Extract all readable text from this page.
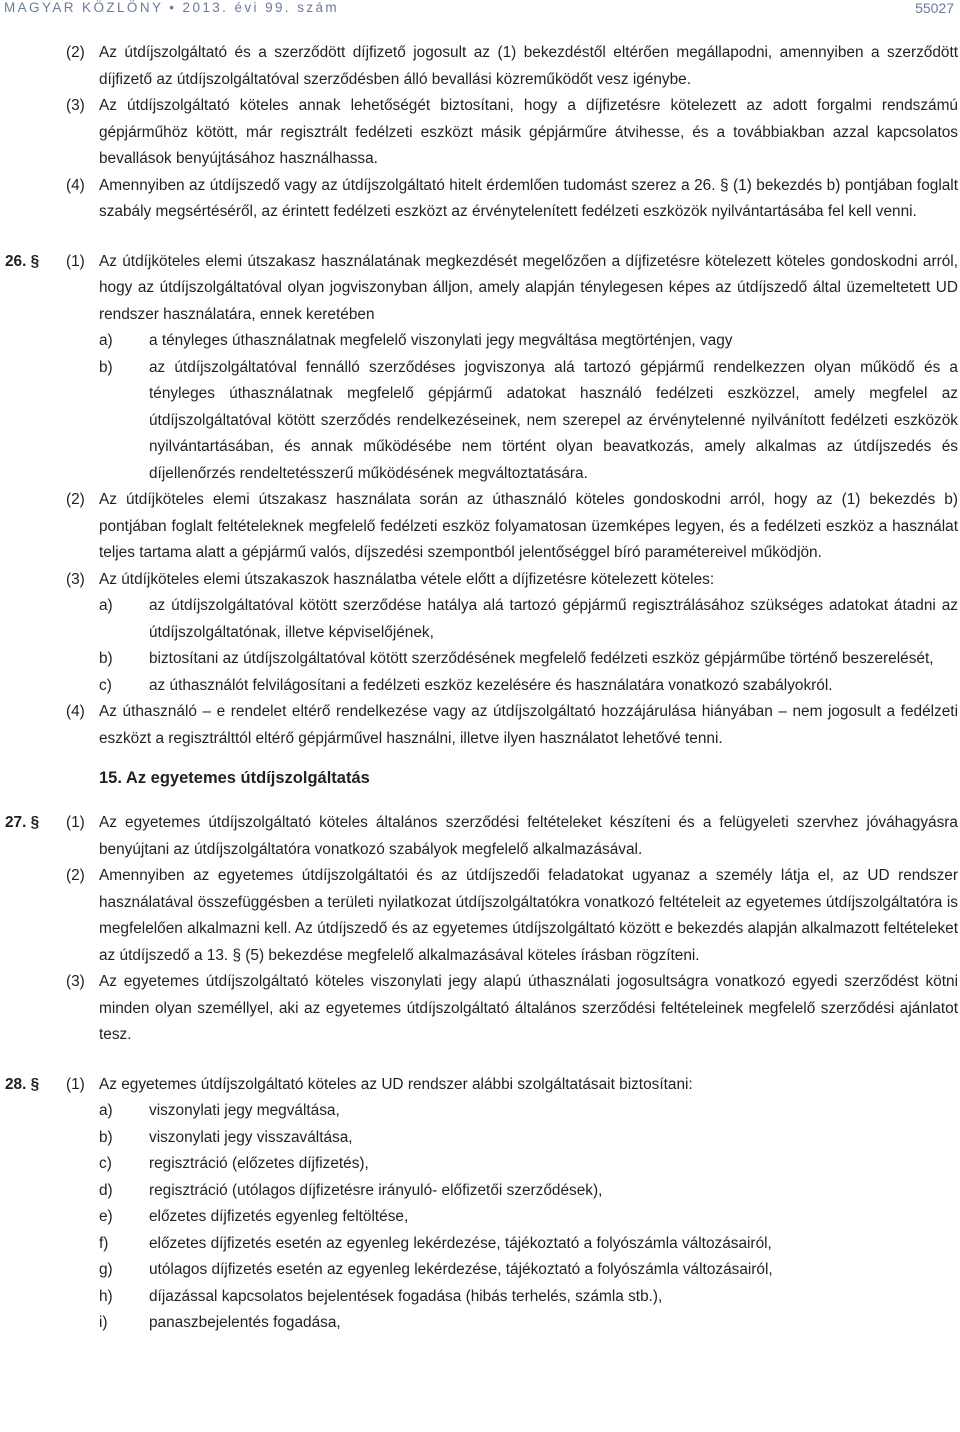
MAGYAR KÖZLÖNY • 2013. évi 99. szám	55027
(2) Az útdíjszolgáltató és a szerződött díjfizető jogosult az (1) bekezdéstől eltérően megállapodni, amennyiben a szerződött díjfizető az útdíjszolgáltatóval szerződésben álló bevallási közreműködőt vesz igénybe.
(3) Az útdíjszolgáltató köteles annak lehetőségét biztosítani, hogy a díjfizetésre kötelezett az adott forgalmi rendszámú gépjárműhöz kötött, már regisztrált fedélzeti eszközt másik gépjárműre átvihesse, és a továbbiakban azzal kapcsolatos bevallások benyújtásához használhassa.
(4) Amennyiben az útdíjszedő vagy az útdíjszolgáltató hitelt érdemlően tudomást szerez a 26. § (1) bekezdés b) pontjában foglalt szabály megsértéséről, az érintett fedélzeti eszközt az érvénytelenített fedélzeti eszközök nyilvántartásába fel kell venni.
26. § (1) Az útdíjköteles elemi útszakasz használatának megkezdését megelőzően a díjfizetésre kötelezett köteles gondoskodni arról, hogy az útdíjszolgáltatóval olyan jogviszonyban álljon, amely alapján ténylegesen képes az útdíjszedő által üzemeltetett UD rendszer használatára, ennek keretében
a) a tényleges úthasználatnak megfelelő viszonylati jegy megváltása megtörténjen, vagy
b) az útdíjszolgáltatóval fennálló szerződéses jogviszonya alá tartozó gépjármű rendelkezzen olyan működő és a tényleges úthasználatnak megfelelő gépjármű adatokat használó fedélzeti eszközzel, amely megfelel az útdíjszolgáltatóval kötött szerződés rendelkezéseinek, nem szerepel az érvénytelenné nyilvánított fedélzeti eszközök nyilvántartásában, és annak működésébe nem történt olyan beavatkozás, amely alkalmas az útdíjszedés és díjellenőrzés rendeltetésszerű működésének megváltoztatására.
(2) Az útdíjköteles elemi útszakasz használata során az úthasználó köteles gondoskodni arról, hogy az (1) bekezdés b) pontjában foglalt feltételeknek megfelelő fedélzeti eszköz folyamatosan üzemképes legyen, és a fedélzeti eszköz a használat teljes tartama alatt a gépjármű valós, díjszedési szempontból jelentőséggel bíró paramétereivel működjön.
(3) Az útdíjköteles elemi útszakaszok használatba vétele előtt a díjfizetésre kötelezett köteles:
a) az útdíjszolgáltatóval kötött szerződése hatálya alá tartozó gépjármű regisztrálásához szükséges adatokat átadni az útdíjszolgáltatónak, illetve képviselőjének,
b) biztosítani az útdíjszolgáltatóval kötött szerződésének megfelelő fedélzeti eszköz gépjárműbe történő beszerelését,
c) az úthasználót felvilágosítani a fedélzeti eszköz kezelésére és használatára vonatkozó szabályokról.
(4) Az úthasználó – e rendelet eltérő rendelkezése vagy az útdíjszolgáltató hozzájárulása hiányában – nem jogosult a fedélzeti eszközt a regisztrálttól eltérő gépjárművel használni, illetve ilyen használatot lehetővé tenni.
15. Az egyetemes útdíjszolgáltatás
27. § (1) Az egyetemes útdíjszolgáltató köteles általános szerződési feltételeket készíteni és a felügyeleti szervhez jóváhagyásra benyújtani az útdíjszolgáltatóra vonatkozó szabályok megfelelő alkalmazásával.
(2) Amennyiben az egyetemes útdíjszolgáltatói és az útdíjszedői feladatokat ugyanaz a személy látja el, az UD rendszer használatával összefüggésben a területi nyilatkozat útdíjszolgáltatókra vonatkozó feltételeit az egyetemes útdíjszolgáltatóra is megfelelően alkalmazni kell. Az útdíjszedő és az egyetemes útdíjszolgáltató között e bekezdés alapján alkalmazott feltételeket az útdíjszedő a 13. § (5) bekezdése megfelelő alkalmazásával köteles írásban rögzíteni.
(3) Az egyetemes útdíjszolgáltató köteles viszonylati jegy alapú úthasználati jogosultságra vonatkozó egyedi szerződést kötni minden olyan személlyel, aki az egyetemes útdíjszolgáltató általános szerződési feltételeinek megfelelő szerződési ajánlatot tesz.
28. § (1) Az egyetemes útdíjszolgáltató köteles az UD rendszer alábbi szolgáltatásait biztosítani:
a) viszonylati jegy megváltása,
b) viszonylati jegy visszaváltása,
c) regisztráció (előzetes díjfizetés),
d) regisztráció (utólagos díjfizetésre irányuló- előfizetői szerződések),
e) előzetes díjfizetés egyenleg feltöltése,
f)	előzetes díjfizetés esetén az egyenleg lekérdezése, tájékoztató a folyószámla változásairól,
g) utólagos díjfizetés esetén az egyenleg lekérdezése, tájékoztató a folyószámla változásairól,
h) díjazással kapcsolatos bejelentések fogadása (hibás terhelés, számla stb.),
i)	panaszbejelentés fogadása,
